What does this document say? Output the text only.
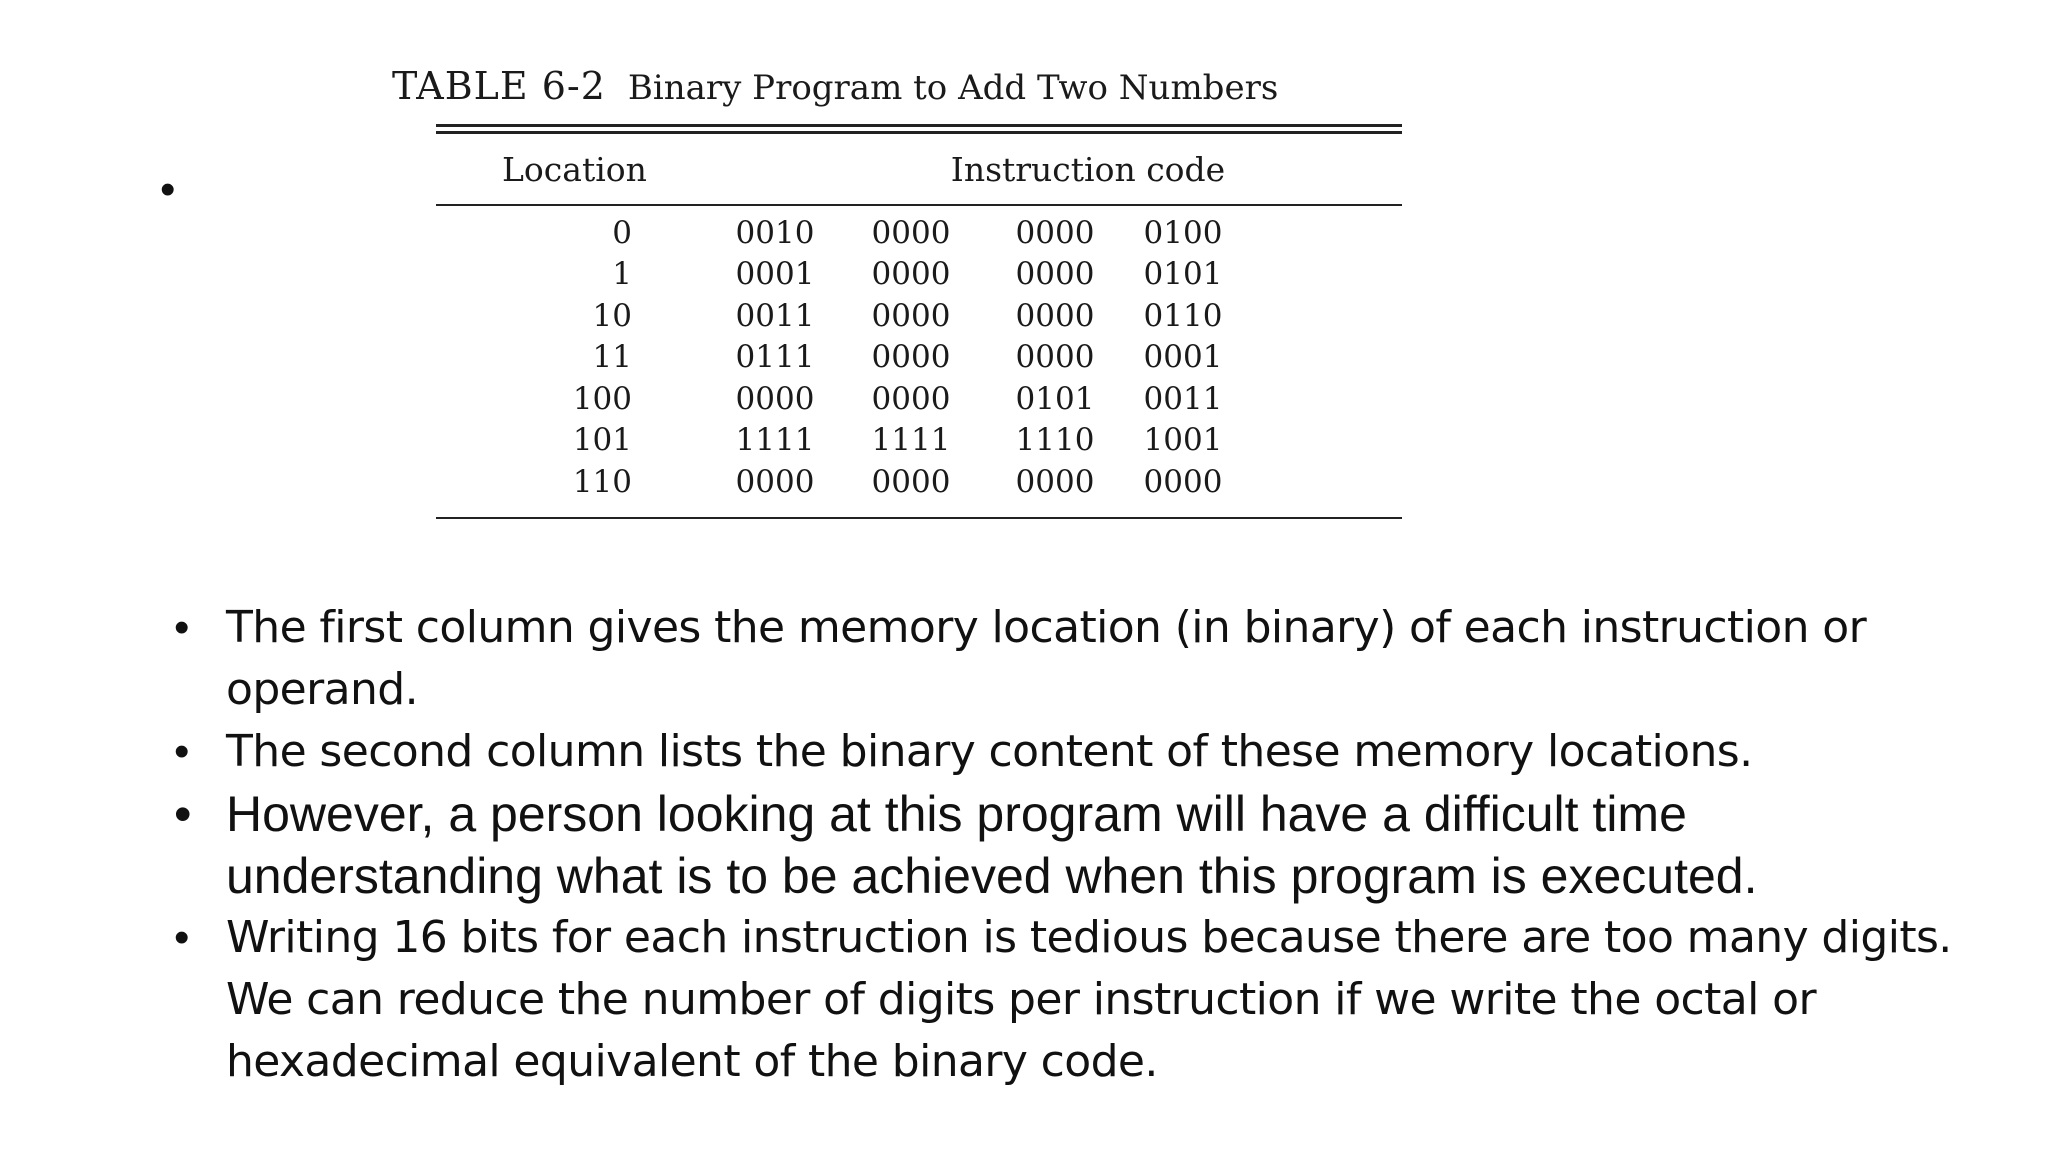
•
TABLE 6-2 Binary Program to Add Two Numbers
Location	Instruction code
0	0010	0000	0000	0100
1	0001	0000	0000	0101
10	0011	0000	0000	0110
11	0111	0000	0000	0001
100	0000	0000	0101	0011
101	1111	1111	1110	1001
110	0000	0000	0000	0000
• The first column gives the memory location (in binary) of each instruction or operand.
• The second column lists the binary content of these memory locations.
• However, a person looking at this program will have a difficult time understanding what is to be achieved when this program is executed.
• Writing 16 bits for each instruction is tedious because there are too many digits. We can reduce the number of digits per instruction if we write the octal or hexadecimal equivalent of the binary code.
